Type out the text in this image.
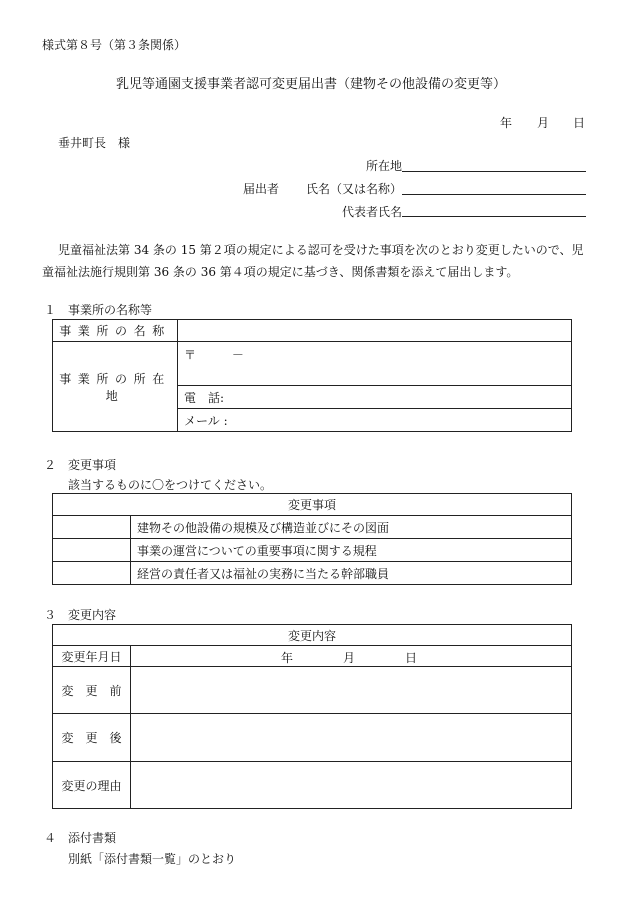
様式第８号（第３条関係）
乳児等通園支援事業者認可変更届出書（建物その他設備の変更等）
年 月 日
垂井町長　様
所在地
届出者 氏名（又は名称）
代表者氏名
児童福祉法第 34 条の 15 第２項の規定による認可を受けた事項を次のとおり変更したいので、児
童福祉法施行規則第 36 条の 36 第４項の規定に基づき、関係書類を添えて届出します。
１　事業所の名称等
事業所の名称	
事業所の所在地	〒 －
	電　話:
	メール :
２　変更事項
該当するものに〇をつけてください。
変更事項	
	建物その他設備の規模及び構造並びにその図面
	事業の運営についての重要事項に関する規程
	経営の責任者又は福祉の実務に当たる幹部職員
３　変更内容
変更内容	
変更年月日	年 月 日

変　更　前	
変　更　後	
変更の理由	
４　添付書類
別紙「添付書類一覧」のとおり
